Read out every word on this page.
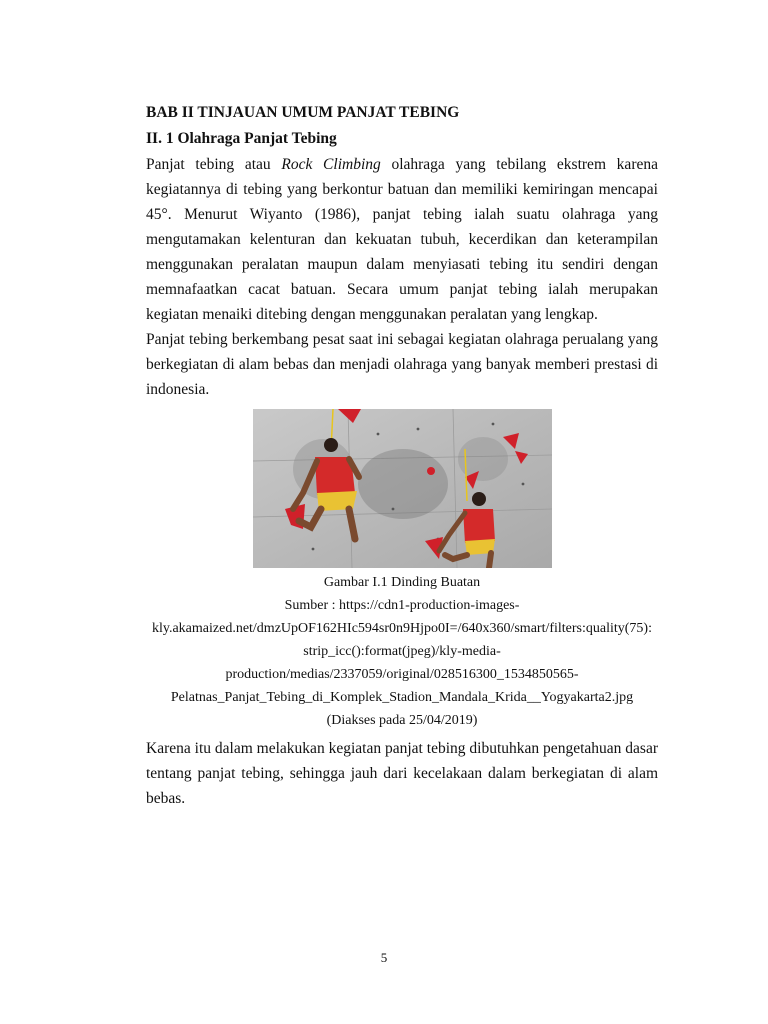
BAB II TINJAUAN UMUM PANJAT TEBING

II. 1 Olahraga Panjat Tebing

Panjat tebing atau Rock Climbing olahraga yang tebilang ekstrem karena kegiatannya di tebing yang berkontur batuan dan memiliki kemiringan mencapai 45°. Menurut Wiyanto (1986), panjat tebing ialah suatu olahraga yang mengutamakan kelenturan dan kekuatan tubuh, kecerdikan dan keterampilan menggunakan peralatan maupun dalam menyiasati tebing itu sendiri dengan memnafaatkan cacat batuan. Secara umum panjat tebing ialah merupakan kegiatan menaiki ditebing dengan menggunakan peralatan yang lengkap.

Panjat tebing berkembang pesat saat ini sebagai kegiatan olahraga perualang yang berkegiatan di alam bebas dan menjadi olahraga yang banyak memberi prestasi di indonesia.

Gambar I.1 Dinding Buatan
Sumber : https://cdn1-production-images-
kly.akamaized.net/dmzUpOF162HIc594sr0n9Hjpo0I=/640x360/smart/filters:quality(75):
strip_icc():format(jpeg)/kly-media-
production/medias/2337059/original/028516300_1534850565-
Pelatnas_Panjat_Tebing_di_Komplek_Stadion_Mandala_Krida__Yogyakarta2.jpg
(Diakses pada 25/04/2019)

Karena itu dalam melakukan kegiatan panjat tebing dibutuhkan pengetahuan dasar tentang panjat tebing, sehingga jauh dari kecelakaan dalam berkegiatan di alam bebas.

5
